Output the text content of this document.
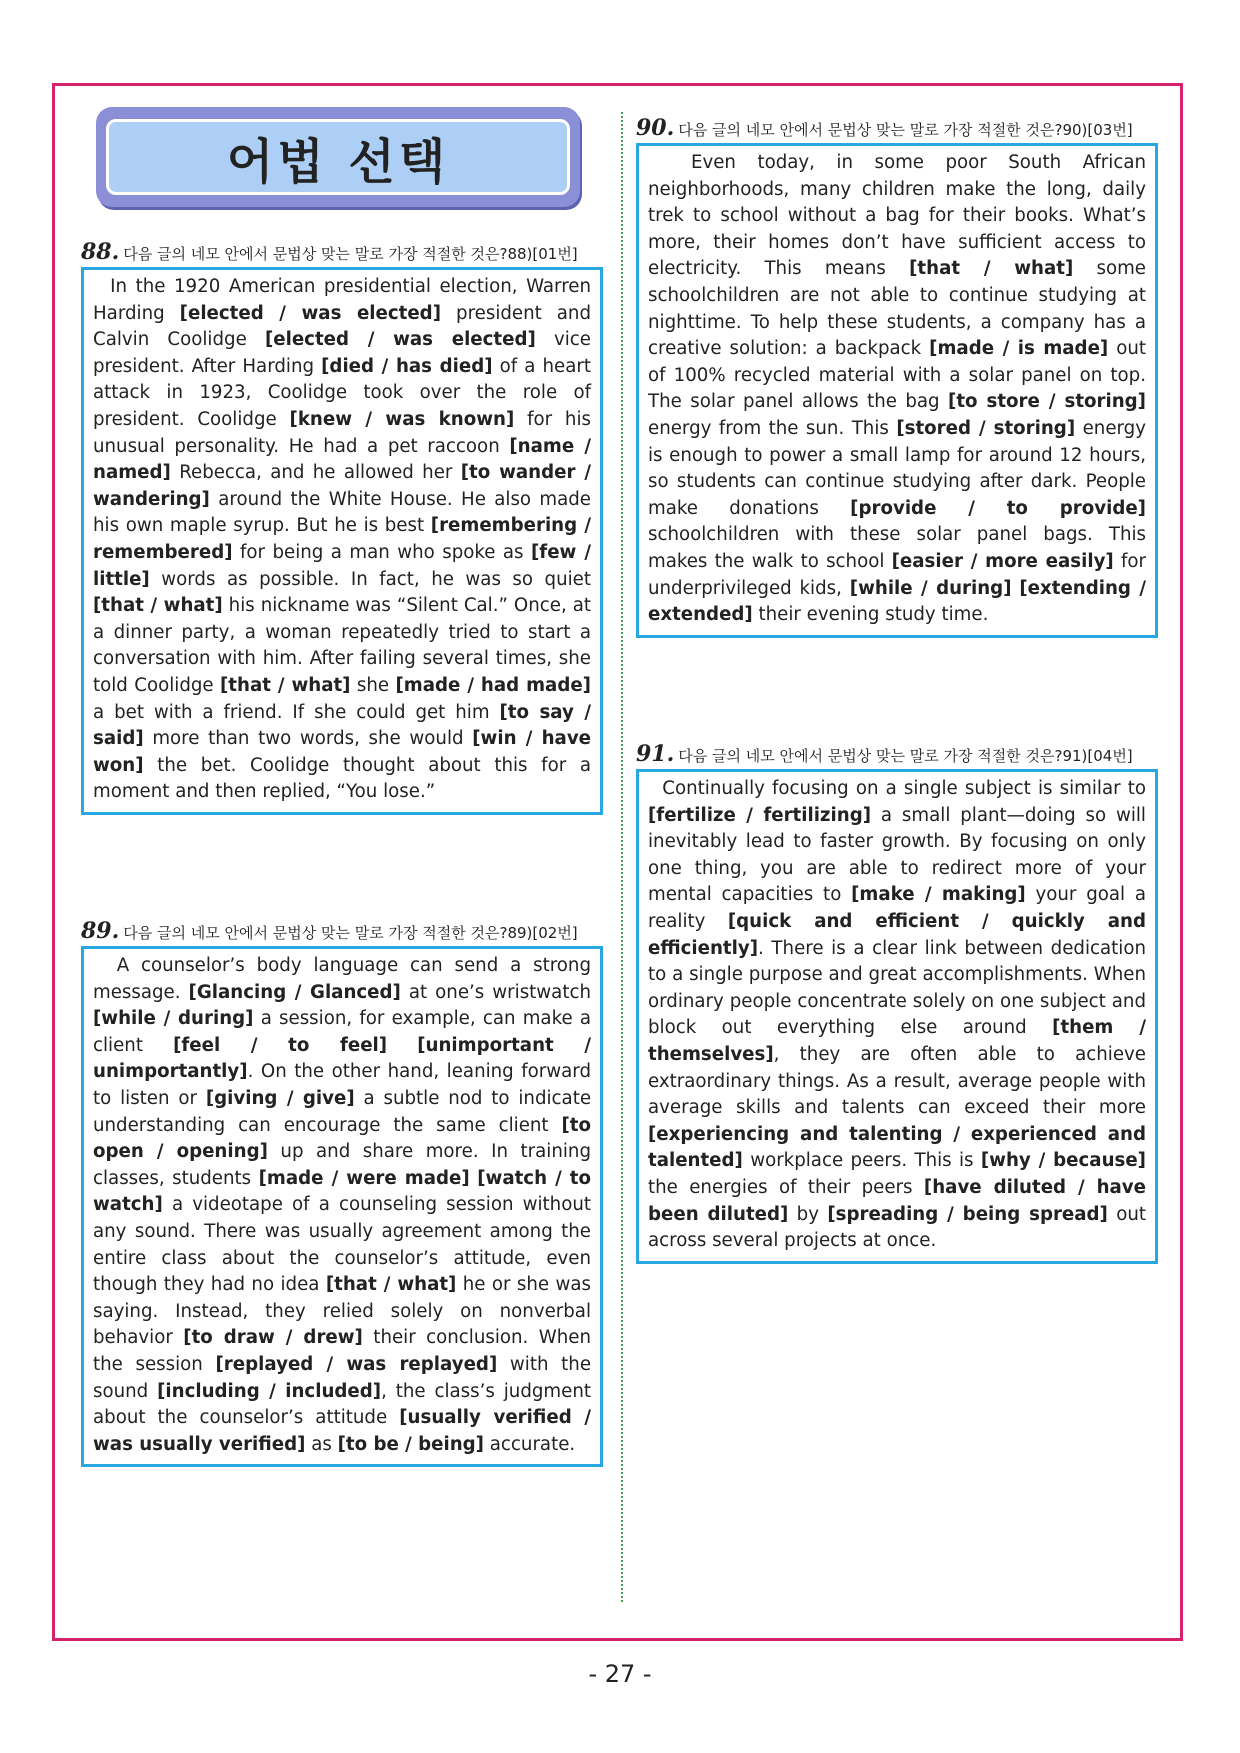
어법 선택
88. 다음 글의 네모 안에서 문법상 맞는 말로 가장 적절한 것은?88)[01번]
In the 1920 American presidential election, Warren Harding [elected / was elected] president and Calvin Coolidge [elected / was elected] vice president. After Harding [died / has died] of a heart attack in 1923, Coolidge took over the role of president. Coolidge [knew / was known] for his unusual personality. He had a pet raccoon [name / named] Rebecca, and he allowed her [to wander / wandering] around the White House. He also made his own maple syrup. But he is best [remembering / remembered] for being a man who spoke as [few / little] words as possible. In fact, he was so quiet [that / what] his nickname was “Silent Cal.” Once, at a dinner party, a woman repeatedly tried to start a conversation with him. After failing several times, she told Coolidge [that / what] she [made / had made] a bet with a friend. If she could get him [to say / said] more than two words, she would [win / have won] the bet. Coolidge thought about this for a moment and then replied, “You lose.”
89. 다음 글의 네모 안에서 문법상 맞는 말로 가장 적절한 것은?89)[02번]
A counselor’s body language can send a strong message. [Glancing / Glanced] at one’s wristwatch [while / during] a session, for example, can make a client [feel / to feel] [unimportant / unimportantly]. On the other hand, leaning forward to listen or [giving / give] a subtle nod to indicate understanding can encourage the same client [to open / opening] up and share more. In training classes, students [made / were made] [watch / to watch] a videotape of a counseling session without any sound. There was usually agreement among the entire class about the counselor’s attitude, even though they had no idea [that / what] he or she was saying. Instead, they relied solely on nonverbal behavior [to draw / drew] their conclusion. When the session [replayed / was replayed] with the sound [including / included], the class’s judgment about the counselor’s attitude [usually verified / was usually verified] as [to be / being] accurate.
90. 다음 글의 네모 안에서 문법상 맞는 말로 가장 적절한 것은?90)[03번]
Even today, in some poor South African neighborhoods, many children make the long, daily trek to school without a bag for their books. What’s more, their homes don’t have sufficient access to electricity. This means [that / what] some schoolchildren are not able to continue studying at nighttime. To help these students, a company has a creative solution: a backpack [made / is made] out of 100% recycled material with a solar panel on top. The solar panel allows the bag [to store / storing] energy from the sun. This [stored / storing] energy is enough to power a small lamp for around 12 hours, so students can continue studying after dark. People make donations [provide / to provide] schoolchildren with these solar panel bags. This makes the walk to school [easier / more easily] for underprivileged kids, [while / during] [extending / extended] their evening study time.
91. 다음 글의 네모 안에서 문법상 맞는 말로 가장 적절한 것은?91)[04번]
Continually focusing on a single subject is similar to [fertilize / fertilizing] a small plant—doing so will inevitably lead to faster growth. By focusing on only one thing, you are able to redirect more of your mental capacities to [make / making] your goal a reality [quick and efficient / quickly and efficiently]. There is a clear link between dedication to a single purpose and great accomplishments. When ordinary people concentrate solely on one subject and block out everything else around [them / themselves], they are often able to achieve extraordinary things. As a result, average people with average skills and talents can exceed their more [experiencing and talenting / experienced and talented] workplace peers. This is [why / because] the energies of their peers [have diluted / have been diluted] by [spreading / being spread] out across several projects at once.
- 27 -
